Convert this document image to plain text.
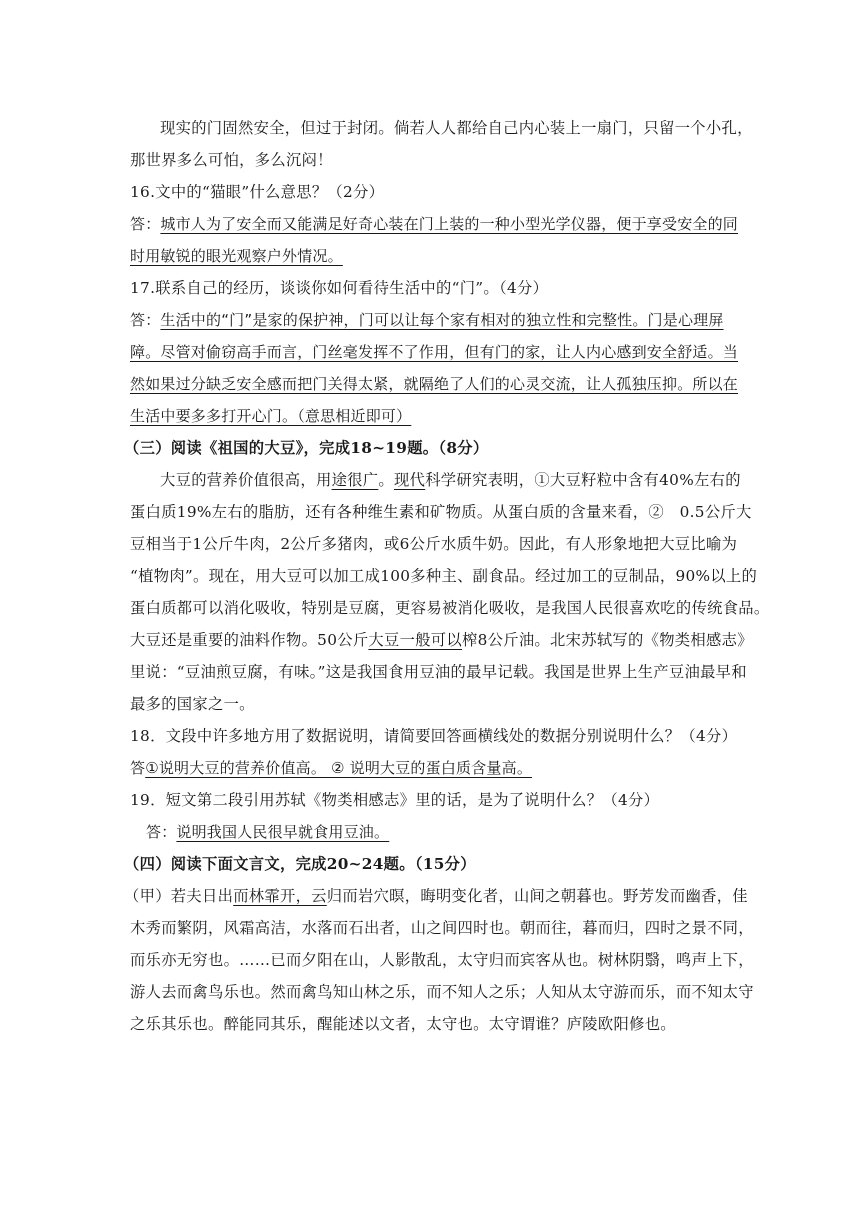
现实的门固然安全，但过于封闭。倘若人人都给自己内心装上一扇门，只留一个小孔，
那世界多么可怕，多么沉闷！
16.文中的“猫眼”什么意思？（2分）
答：城市人为了安全而又能满足好奇心装在门上装的一种小型光学仪器，便于享受安全的同
时用敏锐的眼光观察户外情况。
17.联系自己的经历，谈谈你如何看待生活中的“门”。（4分）
答：生活中的“门”是家的保护神，门可以让每个家有相对的独立性和完整性。门是心理屏
障。尽管对偷窃高手而言，门丝毫发挥不了作用，但有门的家，让人内心感到安全舒适。当
然如果过分缺乏安全感而把门关得太紧，就隔绝了人们的心灵交流，让人孤独压抑。所以在
生活中要多多打开心门。（意思相近即可）
（三）阅读《祖国的大豆》，完成18~19题。（8分）
大豆的营养价值很高，用途很广。现代科学研究表明，①大豆籽粒中含有40%左右的
蛋白质19%左右的脂肪，还有各种维生素和矿物质。从蛋白质的含量来看，②　0.5公斤大
豆相当于1公斤牛肉，2公斤多猪肉，或6公斤水质牛奶。因此，有人形象地把大豆比喻为
“植物肉”。现在，用大豆可以加工成100多种主、副食品。经过加工的豆制品，90%以上的
蛋白质都可以消化吸收，特别是豆腐，更容易被消化吸收，是我国人民很喜欢吃的传统食品。
大豆还是重要的油料作物。50公斤大豆一般可以榨8公斤油。北宋苏轼写的《物类相感志》
里说：“豆油煎豆腐，有味。”这是我国食用豆油的最早记载。我国是世界上生产豆油最早和
最多的国家之一。
18．文段中许多地方用了数据说明，请简要回答画横线处的数据分别说明什么？（4分）
答①说明大豆的营养价值高。 ② 说明大豆的蛋白质含量高。
19．短文第二段引用苏轼《物类相感志》里的话，是为了说明什么？（4分）
答：说明我国人民很早就食用豆油。
（四）阅读下面文言文，完成20~24题。（15分）
（甲）若夫日出而林霏开，云归而岩穴暝，晦明变化者，山间之朝暮也。野芳发而幽香，佳
木秀而繁阴，风霜高洁，水落而石出者，山之间四时也。朝而往，暮而归，四时之景不同，
而乐亦无穷也。……已而夕阳在山，人影散乱，太守归而宾客从也。树林阴翳，鸣声上下，
游人去而禽鸟乐也。然而禽鸟知山林之乐，而不知人之乐；人知从太守游而乐，而不知太守
之乐其乐也。醉能同其乐，醒能述以文者，太守也。太守谓谁？庐陵欧阳修也。
